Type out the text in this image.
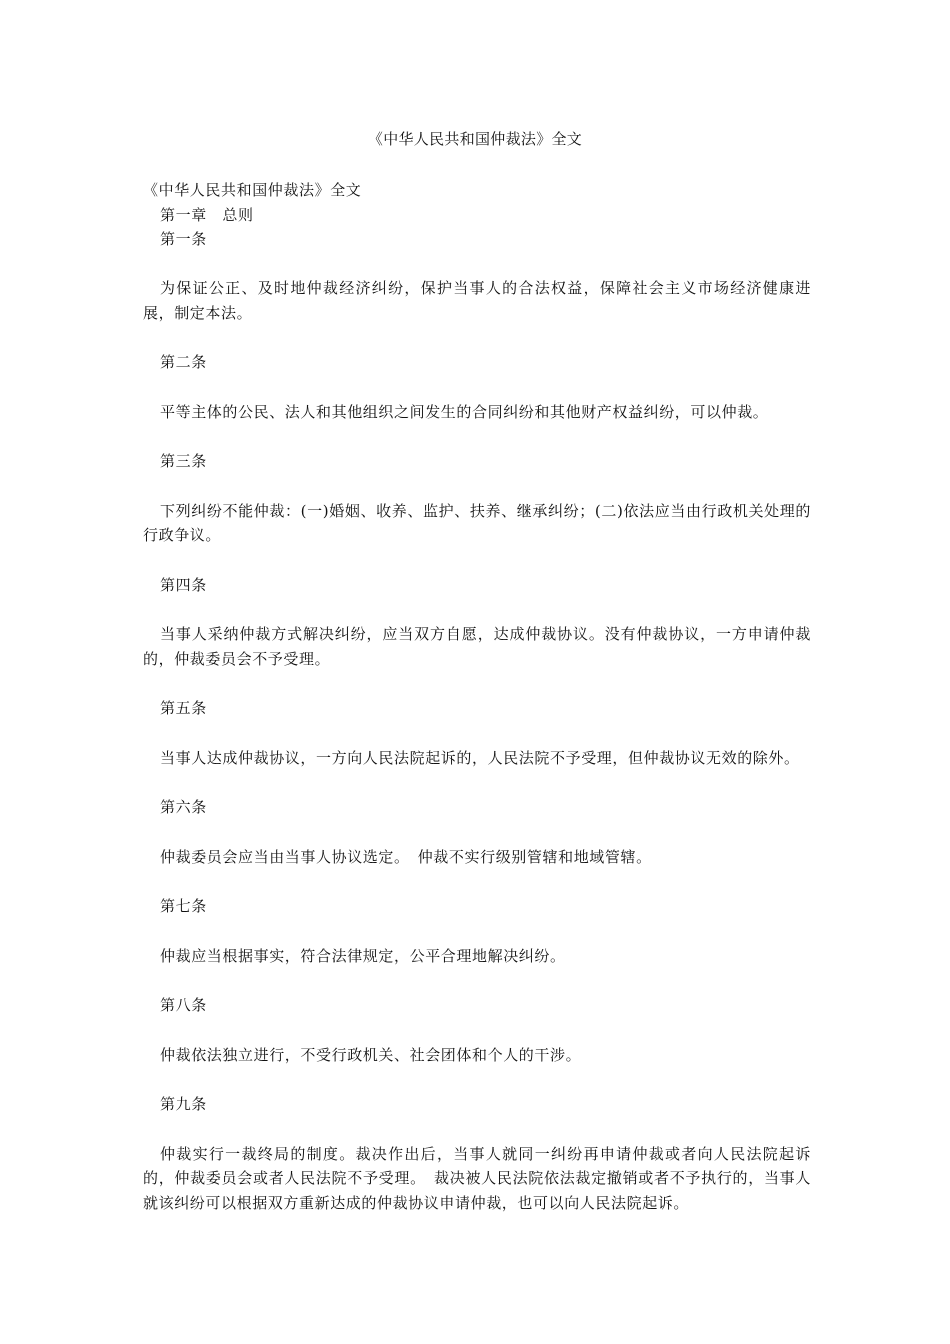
《中华人民共和国仲裁法》全文

《中华人民共和国仲裁法》全文

第一章　总则

第一条

为保证公正、及时地仲裁经济纠纷，保护当事人的合法权益，保障社会主义市场经济健康进展，制定本法。

第二条

平等主体的公民、法人和其他组织之间发生的合同纠纷和其他财产权益纠纷，可以仲裁。

第三条

下列纠纷不能仲裁：(一)婚姻、收养、监护、扶养、继承纠纷；(二)依法应当由行政机关处理的行政争议。

第四条

当事人采纳仲裁方式解决纠纷，应当双方自愿，达成仲裁协议。没有仲裁协议，一方申请仲裁的，仲裁委员会不予受理。

第五条

当事人达成仲裁协议，一方向人民法院起诉的，人民法院不予受理，但仲裁协议无效的除外。

第六条

仲裁委员会应当由当事人协议选定。　仲裁不实行级别管辖和地域管辖。

第七条

仲裁应当根据事实，符合法律规定，公平合理地解决纠纷。

第八条

仲裁依法独立进行，不受行政机关、社会团体和个人的干涉。

第九条

仲裁实行一裁终局的制度。裁决作出后，当事人就同一纠纷再申请仲裁或者向人民法院起诉的，仲裁委员会或者人民法院不予受理。　裁决被人民法院依法裁定撤销或者不予执行的，当事人就该纠纷可以根据双方重新达成的仲裁协议申请仲裁，也可以向人民法院起诉。
